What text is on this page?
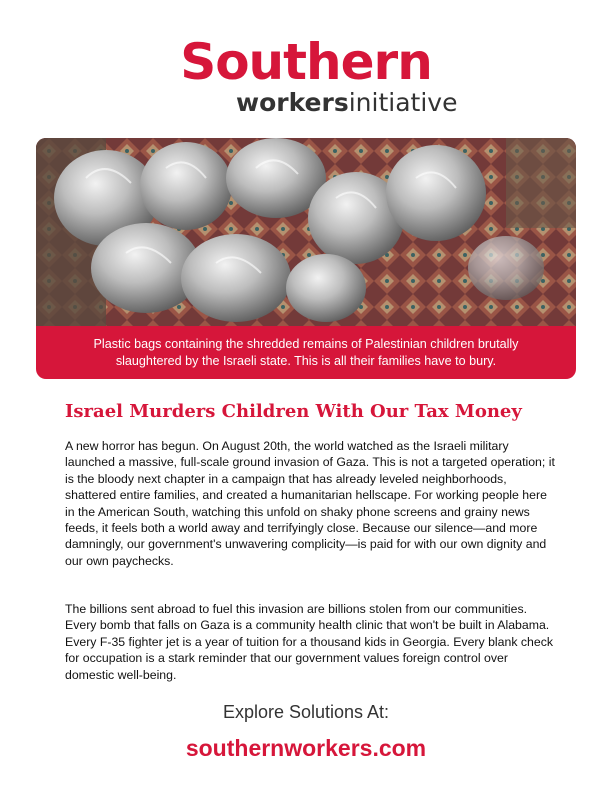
Southern
workersinitiative
Plastic bags containing the shredded remains of Palestinian children brutally slaughtered by the Israeli state. This is all their families have to bury.
Israel Murders Children With Our Tax Money

A new horror has begun. On August 20th, the world watched as the Israeli military launched a massive, full-scale ground invasion of Gaza. This is not a targeted operation; it is the bloody next chapter in a campaign that has already leveled neighborhoods, shattered entire families, and created a humanitarian hellscape. For working people here in the American South, watching this unfold on shaky phone screens and grainy news feeds, it feels both a world away and terrifyingly close. Because our silence—and more damningly, our government's unwavering complicity—is paid for with our own dignity and our own paychecks.

The billions sent abroad to fuel this invasion are billions stolen from our communities. Every bomb that falls on Gaza is a community health clinic that won't be built in Alabama. Every F-35 fighter jet is a year of tuition for a thousand kids in Georgia. Every blank check for occupation is a stark reminder that our government values foreign control over domestic well-being.

Explore Solutions At:
southernworkers.com
